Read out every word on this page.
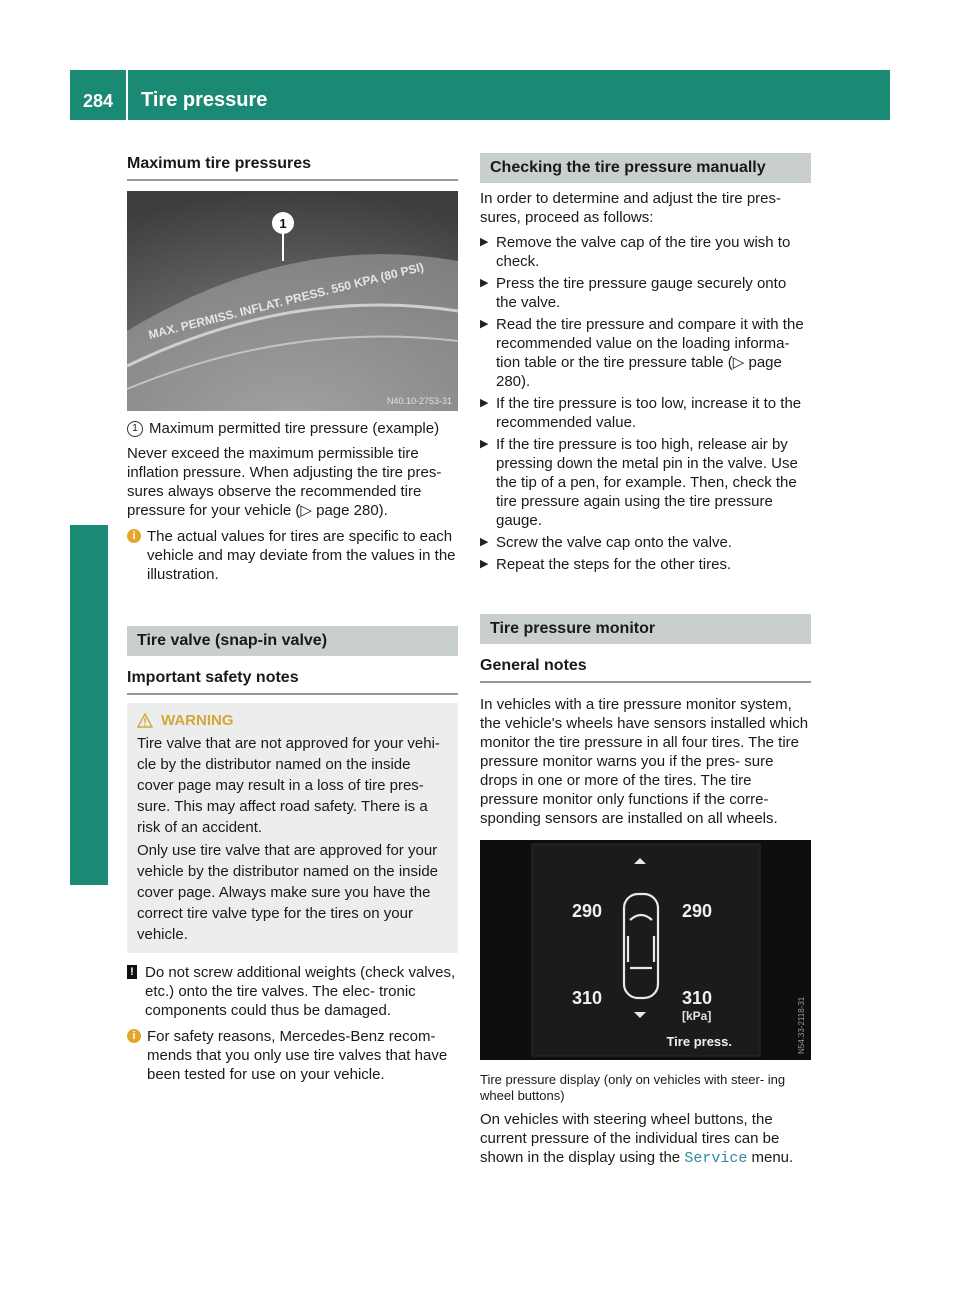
284	Tire pressure
Wheels and tires
Maximum tire pressures
MAX. PERMISS. INFLAT. PRESS. 550 KPA (80 PSI)
1
N40.10-2753-31

1 Maximum permitted tire pressure (example)

Never exceed the maximum permissible tire inflation pressure. When adjusting the tire pres- sures always observe the recommended tire pressure for your vehicle (▷ page 280).

i The actual values for tires are specific to each vehicle and may deviate from the values in the illustration.

Tire valve (snap-in valve)
Important safety notes
WARNING

Tire valve that are not approved for your vehi- cle by the distributor named on the inside cover page may result in a loss of tire pres- sure. This may affect road safety. There is a risk of an accident.

Only use tire valve that are approved for your vehicle by the distributor named on the inside cover page. Always make sure you have the correct tire valve type for the tires on your vehicle.

! Do not screw additional weights (check valves, etc.) onto the tire valves. The elec- tronic components could thus be damaged.

i For safety reasons, Mercedes-Benz recom- mends that you only use tire valves that have been tested for use on your vehicle.

Checking the tire pressure manually

In order to determine and adjust the tire pres- sures, proceed as follows:

▶ Remove the valve cap of the tire you wish to check.
▶ Press the tire pressure gauge securely onto the valve.
▶ Read the tire pressure and compare it with the recommended value on the loading informa- tion table or the tire pressure table (▷ page 280).
▶ If the tire pressure is too low, increase it to the recommended value.
▶ If the tire pressure is too high, release air by pressing down the metal pin in the valve. Use the tip of a pen, for example. Then, check the tire pressure again using the tire pressure gauge.
▶ Screw the valve cap onto the valve.
▶ Repeat the steps for the other tires.
Tire pressure monitor
General notes

In vehicles with a tire pressure monitor system, the vehicle's wheels have sensors installed which monitor the tire pressure in all four tires. The tire pressure monitor warns you if the pres- sure drops in one or more of the tires. The tire pressure monitor only functions if the corre- sponding sensors are installed on all wheels.

290	290
310	310
[kPa]
Tire press.	N54.33-2118-31

Tire pressure display (only on vehicles with steer- ing wheel buttons)

On vehicles with steering wheel buttons, the current pressure of the individual tires can be shown in the display using the Service menu.
